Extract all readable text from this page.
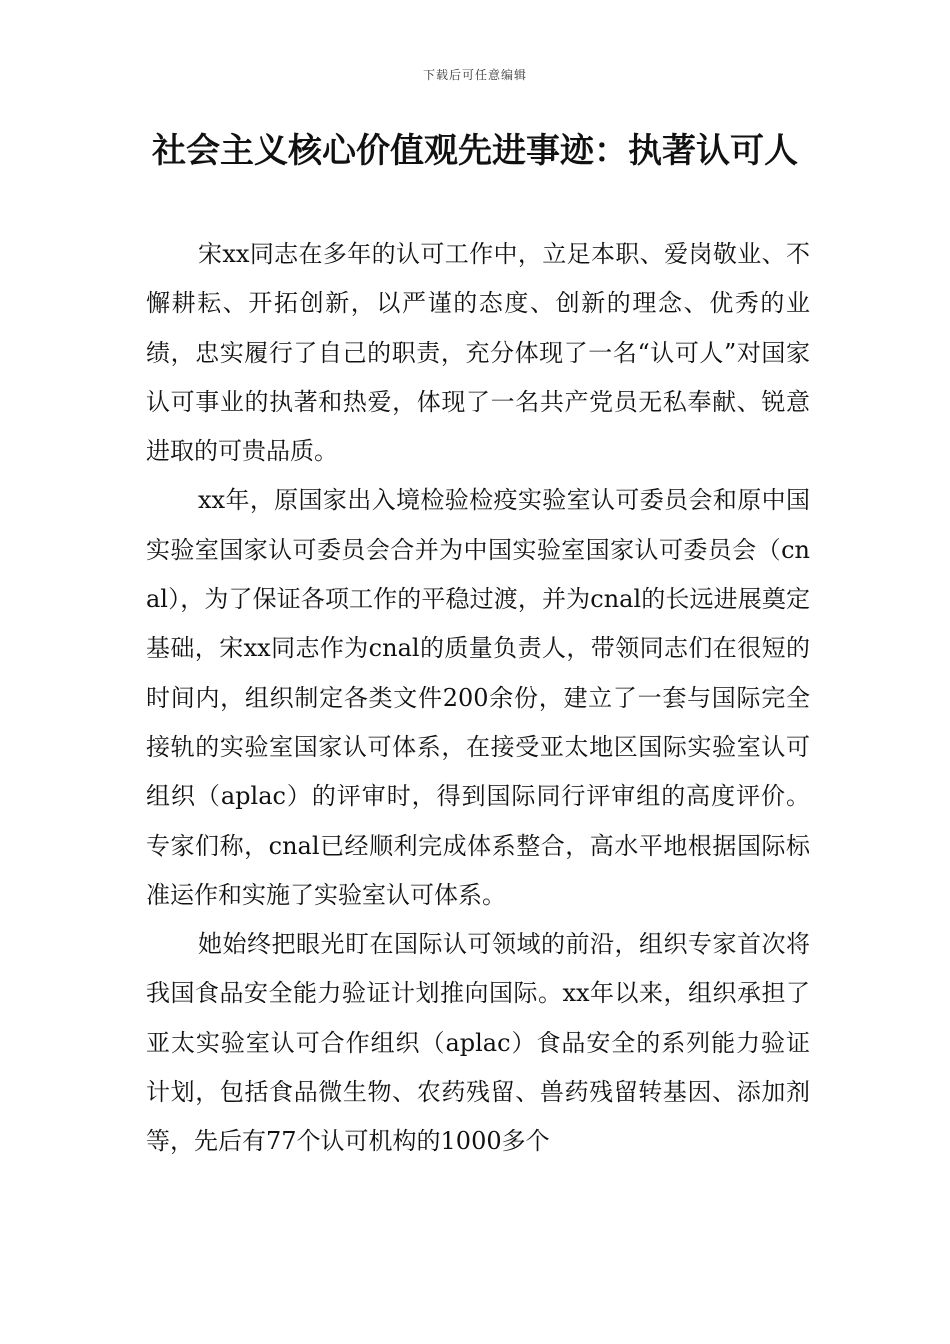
下载后可任意编辑
社会主义核心价值观先进事迹：执著认可人

宋xx同志在多年的认可工作中，立足本职、爱岗敬业、不懈耕耘、开拓创新，以严谨的态度、创新的理念、优秀的业绩，忠实履行了自己的职责，充分体现了一名“认可人”对国家认可事业的执著和热爱，体现了一名共产党员无私奉献、锐意进取的可贵品质。

xx年，原国家出入境检验检疫实验室认可委员会和原中国实验室国家认可委员会合并为中国实验室国家认可委员会（cnal），为了保证各项工作的平稳过渡，并为cnal的长远进展奠定基础，宋xx同志作为cnal的质量负责人，带领同志们在很短的时间内，组织制定各类文件200余份，建立了一套与国际完全接轨的实验室国家认可体系，在接受亚太地区国际实验室认可组织（aplac）的评审时，得到国际同行评审组的高度评价。专家们称，cnal已经顺利完成体系整合，高水平地根据国际标准运作和实施了实验室认可体系。

她始终把眼光盯在国际认可领域的前沿，组织专家首次将我国食品安全能力验证计划推向国际。xx年以来，组织承担了亚太实验室认可合作组织（aplac）食品安全的系列能力验证计划，包括食品微生物、农药残留、兽药残留转基因、添加剂等，先后有77个认可机构的1000多个
